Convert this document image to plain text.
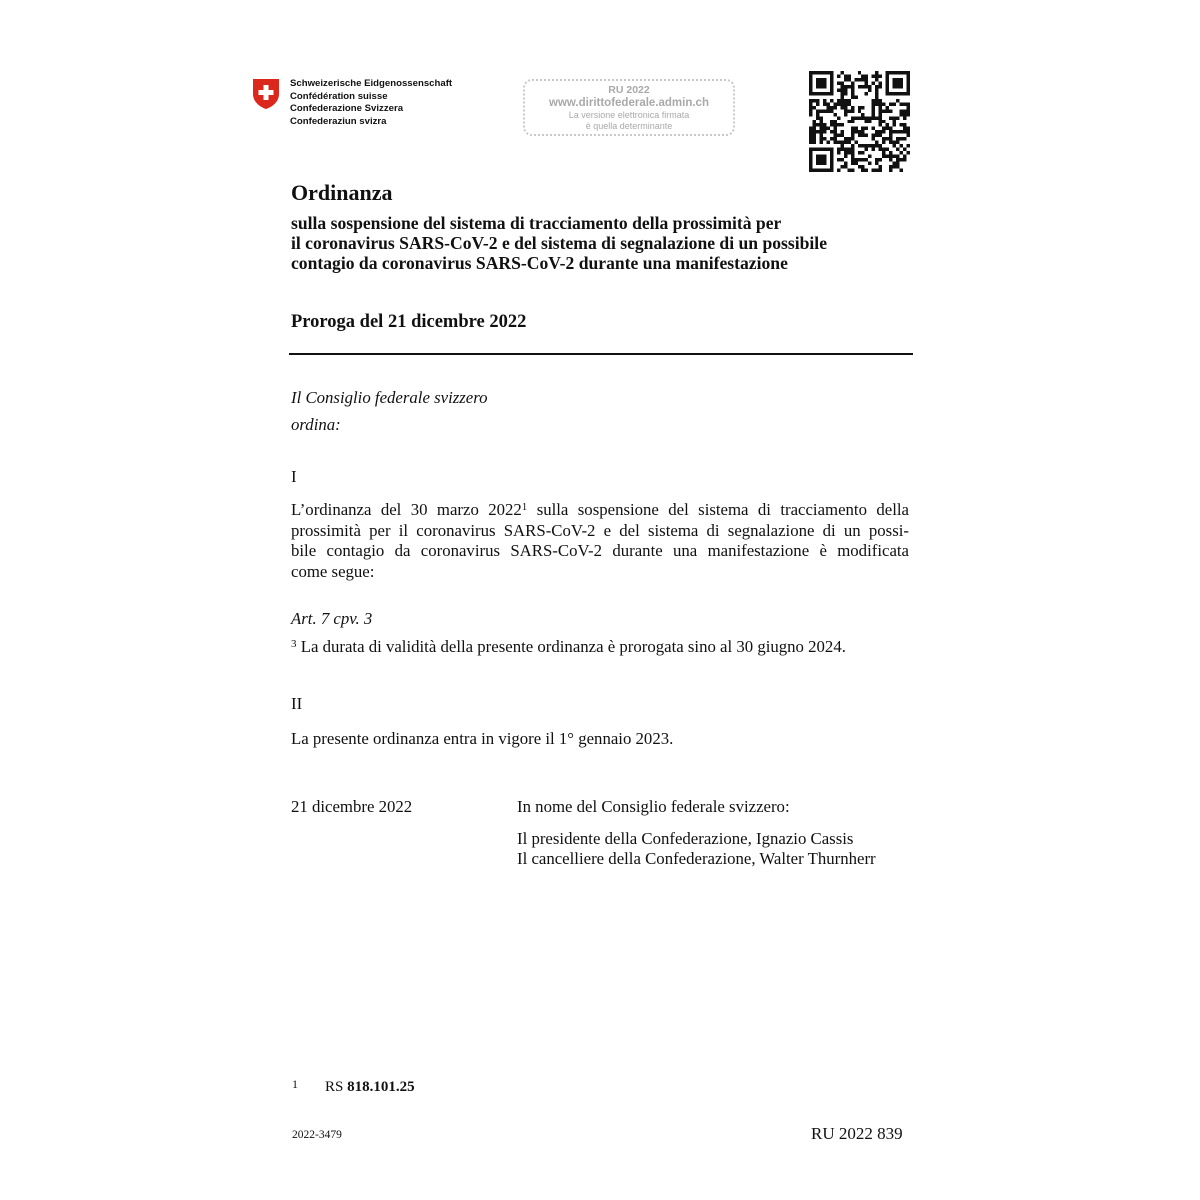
Schweizerische Eidgenossenschaft
Confédération suisse
Confederazione Svizzera
Confederaziun svizra
RU 2022
www.dirittofederale.admin.ch
La versione elettronica firmata
è quella determinante
Ordinanza
sulla sospensione del sistema di tracciamento della prossimità per
il coronavirus SARS-CoV-2 e del sistema di segnalazione di un possibile
contagio da coronavirus SARS-CoV-2 durante una manifestazione
Proroga del 21 dicembre 2022
Il Consiglio federale svizzero
ordina:
I
L’ordinanza del 30 marzo 2022$^1$ sulla sospensione del sistema di tracciamento della
prossimità per il coronavirus SARS-CoV-2 e del sistema di segnalazione di un possi-
bile contagio da coronavirus SARS-CoV-2 durante una manifestazione è modificata
come segue:
Art. 7 cpv. 3
$^3$ La durata di validità della presente ordinanza è prorogata sino al 30 giugno 2024.
II
La presente ordinanza entra in vigore il 1° gennaio 2023.
21 dicembre 2022	In nome del Consiglio federale svizzero:
Il presidente della Confederazione, Ignazio Cassis
Il cancelliere della Confederazione, Walter Thurnherr
1 RS 818.101.25
2022-3479	RU 2022 839
